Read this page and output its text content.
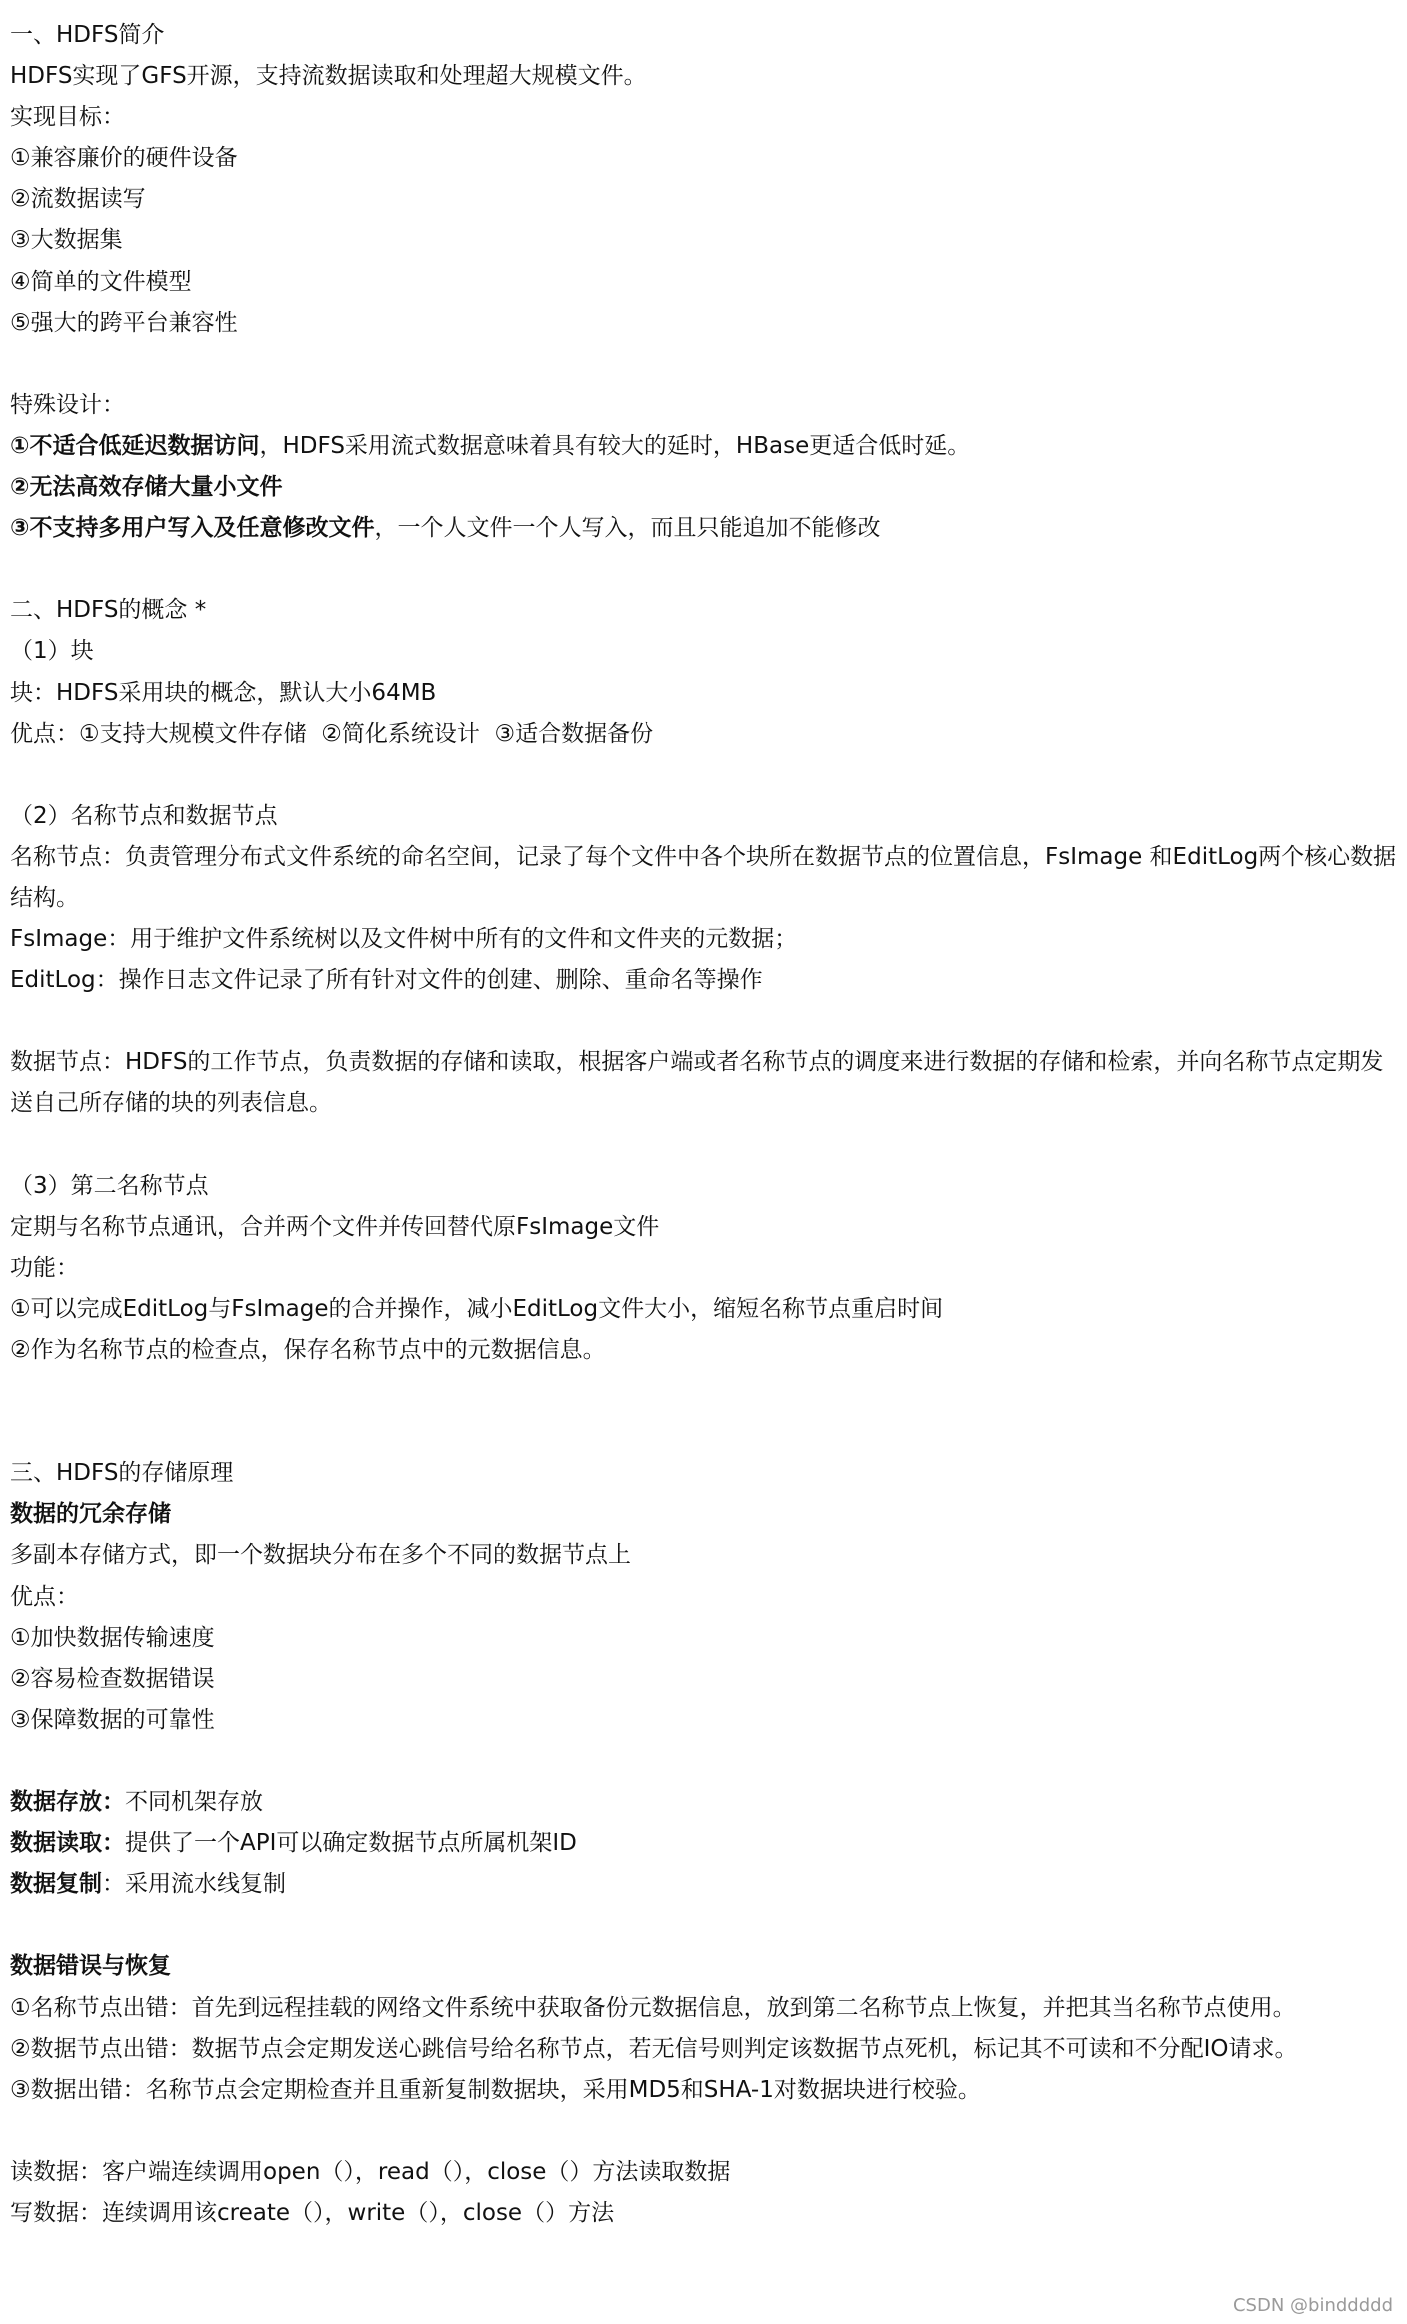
一、HDFS简介
HDFS实现了GFS开源，支持流数据读取和处理超大规模文件。
实现目标：
①兼容廉价的硬件设备
②流数据读写
③大数据集
④简单的文件模型
⑤强大的跨平台兼容性
特殊设计：
①不适合低延迟数据访问，HDFS采用流式数据意味着具有较大的延时，HBase更适合低时延。
②无法高效存储大量小文件
③不支持多用户写入及任意修改文件，一个人文件一个人写入，而且只能追加不能修改
二、HDFS的概念 *
（1）块
块：HDFS采用块的概念，默认大小64MB
优点：①支持大规模文件存储  ②简化系统设计  ③适合数据备份
（2）名称节点和数据节点
名称节点：负责管理分布式文件系统的命名空间，记录了每个文件中各个块所在数据节点的位置信息，FsImage 和EditLog两个核心数据结构。
FsImage：用于维护文件系统树以及文件树中所有的文件和文件夹的元数据；
EditLog：操作日志文件记录了所有针对文件的创建、删除、重命名等操作
数据节点：HDFS的工作节点，负责数据的存储和读取，根据客户端或者名称节点的调度来进行数据的存储和检索，并向名称节点定期发送自己所存储的块的列表信息。
（3）第二名称节点
定期与名称节点通讯，合并两个文件并传回替代原FsImage文件
功能：
①可以完成EditLog与FsImage的合并操作，减小EditLog文件大小，缩短名称节点重启时间
②作为名称节点的检查点，保存名称节点中的元数据信息。
三、HDFS的存储原理
数据的冗余存储
多副本存储方式，即一个数据块分布在多个不同的数据节点上
优点：
①加快数据传输速度
②容易检查数据错误
③保障数据的可靠性
数据存放：不同机架存放
数据读取：提供了一个API可以确定数据节点所属机架ID
数据复制：采用流水线复制
数据错误与恢复
①名称节点出错：首先到远程挂载的网络文件系统中获取备份元数据信息，放到第二名称节点上恢复，并把其当名称节点使用。
②数据节点出错：数据节点会定期发送心跳信号给名称节点，若无信号则判定该数据节点死机，标记其不可读和不分配IO请求。
③数据出错：名称节点会定期检查并且重新复制数据块，采用MD5和SHA-1对数据块进行校验。
读数据：客户端连续调用open（），read（），close（）方法读取数据
写数据：连续调用该create（），write（），close（）方法
CSDN @binddddd
